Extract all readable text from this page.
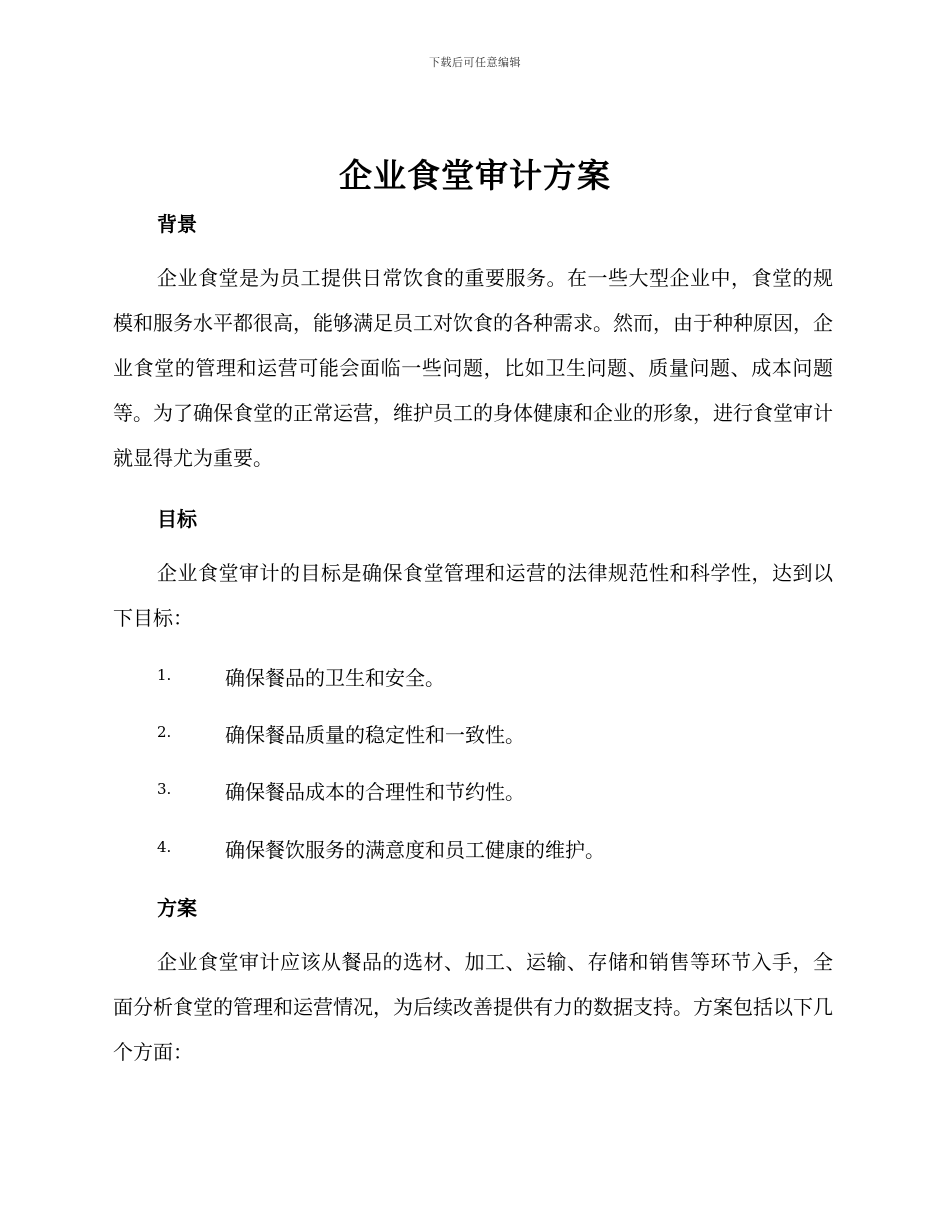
下载后可任意编辑
企业食堂审计方案
背景
企业食堂是为员工提供日常饮食的重要服务。在一些大型企业中，食堂的规模和服务水平都很高，能够满足员工对饮食的各种需求。然而，由于种种原因，企业食堂的管理和运营可能会面临一些问题，比如卫生问题、质量问题、成本问题等。为了确保食堂的正常运营，维护员工的身体健康和企业的形象，进行食堂审计就显得尤为重要。
目标
企业食堂审计的目标是确保食堂管理和运营的法律规范性和科学性，达到以下目标：
1.	确保餐品的卫生和安全。
2.	确保餐品质量的稳定性和一致性。
3.	确保餐品成本的合理性和节约性。
4.	确保餐饮服务的满意度和员工健康的维护。
方案
企业食堂审计应该从餐品的选材、加工、运输、存储和销售等环节入手，全面分析食堂的管理和运营情况，为后续改善提供有力的数据支持。方案包括以下几个方面：
